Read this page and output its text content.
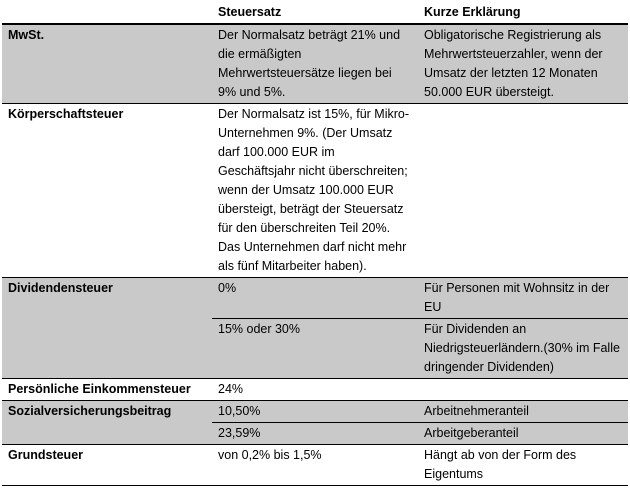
	Steuersatz	Kurze Erklärung
MwSt.	Der Normalsatz beträgt 21% und die ermäßigten Mehrwertsteuersätze liegen bei 9% und 5%.	Obligatorische Registrierung als Mehrwertsteuerzahler, wenn der Umsatz der letzten 12 Monaten 50.000 EUR übersteigt.
Körperschaftsteuer	Der Normalsatz ist 15%, für Mikro-Unternehmen 9%. (Der Umsatz darf 100.000 EUR im Geschäftsjahr nicht überschreiten; wenn der Umsatz 100.000 EUR übersteigt, beträgt der Steuersatz für den überschreiten Teil 20%. Das Unternehmen darf nicht mehr als fünf Mitarbeiter haben).	
Dividendensteuer	0%	Für Personen mit Wohnsitz in der EU
	15% oder 30%	Für Dividenden an Niedrigsteuerländern.(30% im Falle dringender Dividenden)
Persönliche Einkommensteuer	24%	
Sozialversicherungsbeitrag	10,50%	Arbeitnehmeranteil
	23,59%	Arbeitgeberanteil
Grundsteuer	von 0,2% bis 1,5%	Hängt ab von der Form des Eigentums
